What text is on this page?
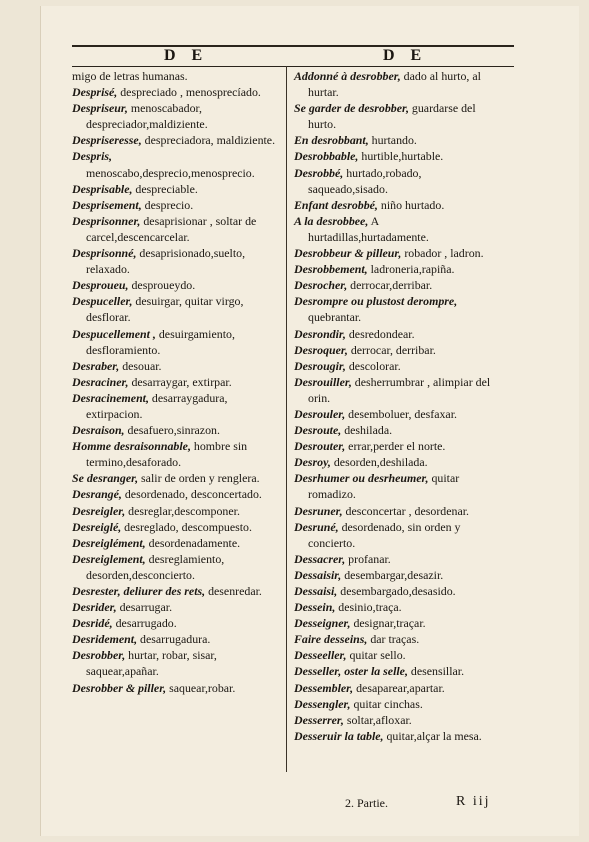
D E	D E
migo de letras humanas.
Desprisé, despreciado , menosprecíado.
Despriseur, menoscabador, despreciador,maldiziente.
Despriseresse, despreciadora, maldiziente.
Despris, menoscabo,desprecio,menosprecio.
Desprisable, despreciable.
Desprisement, desprecio.
Desprisonner, desaprisionar , soltar de carcel,descencarcelar.
Desprisonné, desaprisionado,suelto, relaxado.
Desproueu, desproueydo.
Despuceller, desuirgar, quitar virgo, desflorar.
Despucellement , desuirgamiento, desfloramiento.
Desraber, desouar.
Desraciner, desarraygar, extirpar.
Desracinement, desarraygadura, extirpacion.
Desraison, desafuero,sinrazon.
Homme desraisonnable, hombre sin termino,desaforado.
Se desranger, salir de orden y renglera.
Desrangé, desordenado, desconcertado.
Desreigler, desreglar,descomponer.
Desreiglé, desreglado, descompuesto.
Desreiglément, desordenadamente.
Desreiglement, desreglamiento, desorden,desconcierto.
Desrester, deliurer des rets, desenredar.
Desrider, desarrugar.
Desridé, desarrugado.
Desridement, desarrugadura.
Desrobber, hurtar, robar, sisar, saquear,apañar.
Desrobber & piller, saquear,robar.
Addonné à desrobber, dado al hurto, al hurtar.
Se garder de desrobber, guardarse del hurto.
En desrobbant, hurtando.
Desrobbable, hurtible,hurtable.
Desrobbé, hurtado,robado, saqueado,sisado.
Enfant desrobbé, niño hurtado.
A la desrobbee, A hurtadillas,hurtadamente.
Desrobbeur & pilleur, robador , ladron.
Desrobbement, ladroneria,rapiña.
Desrocher, derrocar,derribar.
Desrompre ou plustost derompre, quebrantar.
Desrondir, desredondear.
Desroquer, derrocar, derribar.
Desrougir, descolorar.
Desrouiller, desherrumbrar , alimpiar del orin.
Desrouler, desemboluer, desfaxar.
Desroute, deshilada.
Desrouter, errar,perder el norte.
Desroy, desorden,deshilada.
Desrhumer ou desrheumer, quitar romadizo.
Desruner, desconcertar , desordenar.
Desruné, desordenado, sin orden y concierto.
Dessacrer, profanar.
Dessaisir, desembargar,desazir.
Dessaisi, desembargado,desasido.
Dessein, desinio,traça.
Desseigner, designar,traçar.
Faire desseins, dar traças.
Desseeller, quitar sello.
Desseller, oster la selle, desensillar.
Dessembler, desaparear,apartar.
Dessengler, quitar cinchas.
Desserrer, soltar,afloxar.
Desseruir la table, quitar,alçar la mesa.
2. Partie.	R iij
